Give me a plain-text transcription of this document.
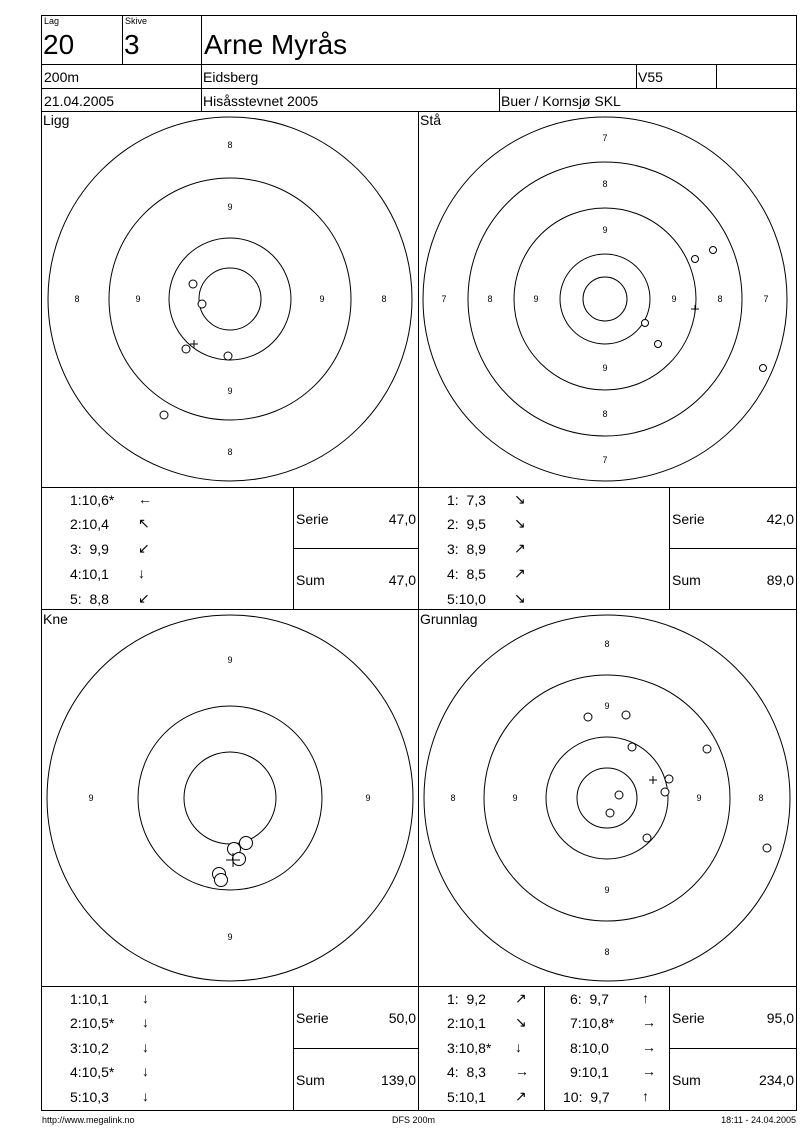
Lag
20
Skive
3 Arne Myrås
200m	Eidsberg	V55
21.04.2005	Hisåsstevnet 2005	Buer / Kornsjø SKL
Ligg
8
9
9
8
8	9	9	8
Stå
7
8
9
9
8
7
7	8	9	9	8	7
1:10,6* ←
2:10,4 ↖
3:  9,9 ↙
4:10,1 ↓
5:  8,8 ↙
Serie	47,0
Sum	47,0
1:  7,3 ↘
2:  9,5 ↘
3:  8,9 ↗
4:  8,5 ↗
5:10,0 ↘
Serie	42,0
Sum	89,0
Kne
9
9
9	9
Grunnlag
8
9
9
8
8	9	9	8
1:10,1 ↓
2:10,5* ↓
3:10,2 ↓
4:10,5* ↓
5:10,3 ↓
Serie	50,0
Sum	139,0
1:  9,2 ↗
2:10,1 ↘
3:10,8* ↓
4:  8,3 →
5:10,1 ↗
6:  9,7 ↑
7:10,8* →
8:10,0 →
9:10,1 →
10:  9,7 ↑
Serie	95,0
Sum	234,0
http://www.megalink.no	DFS 200m	18:11 - 24.04.2005
